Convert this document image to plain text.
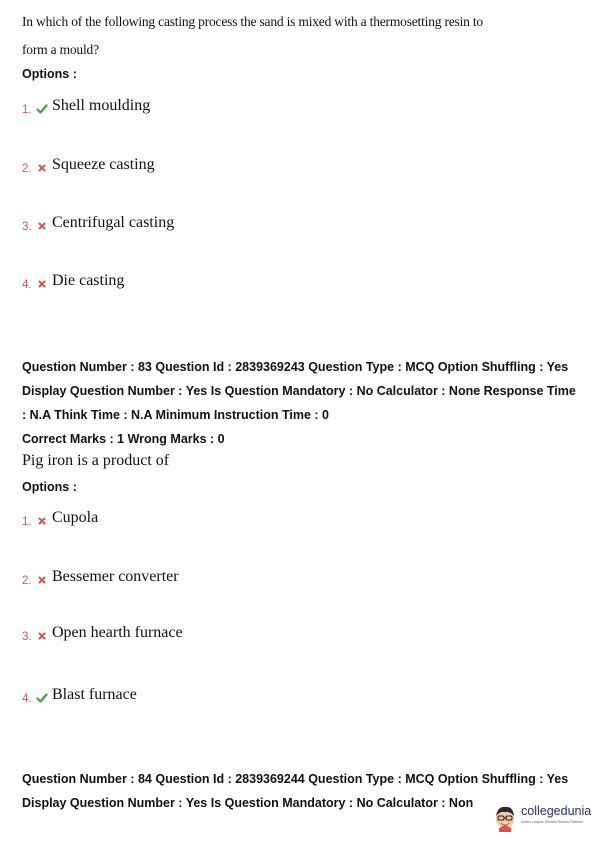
In which of the following casting process the sand is mixed with a thermosetting resin to
form a mould?
Options :
1. Shell moulding
2. Squeeze casting
3. Centrifugal casting
4. Die casting
Question Number : 83 Question Id : 2839369243 Question Type : MCQ Option Shuffling : Yes
Display Question Number : Yes Is Question Mandatory : No Calculator : None Response Time
: N.A Think Time : N.A Minimum Instruction Time : 0
Correct Marks : 1 Wrong Marks : 0
Pig iron is a product of
Options :
1. Cupola
2. Bessemer converter
3. Open hearth furnace
4. Blast furnace
Question Number : 84 Question Id : 2839369244 Question Type : MCQ Option Shuffling : Yes
Display Question Number : Yes Is Question Mandatory : No Calculator : Non
collegedunia
India's Largest Student Review Platform
